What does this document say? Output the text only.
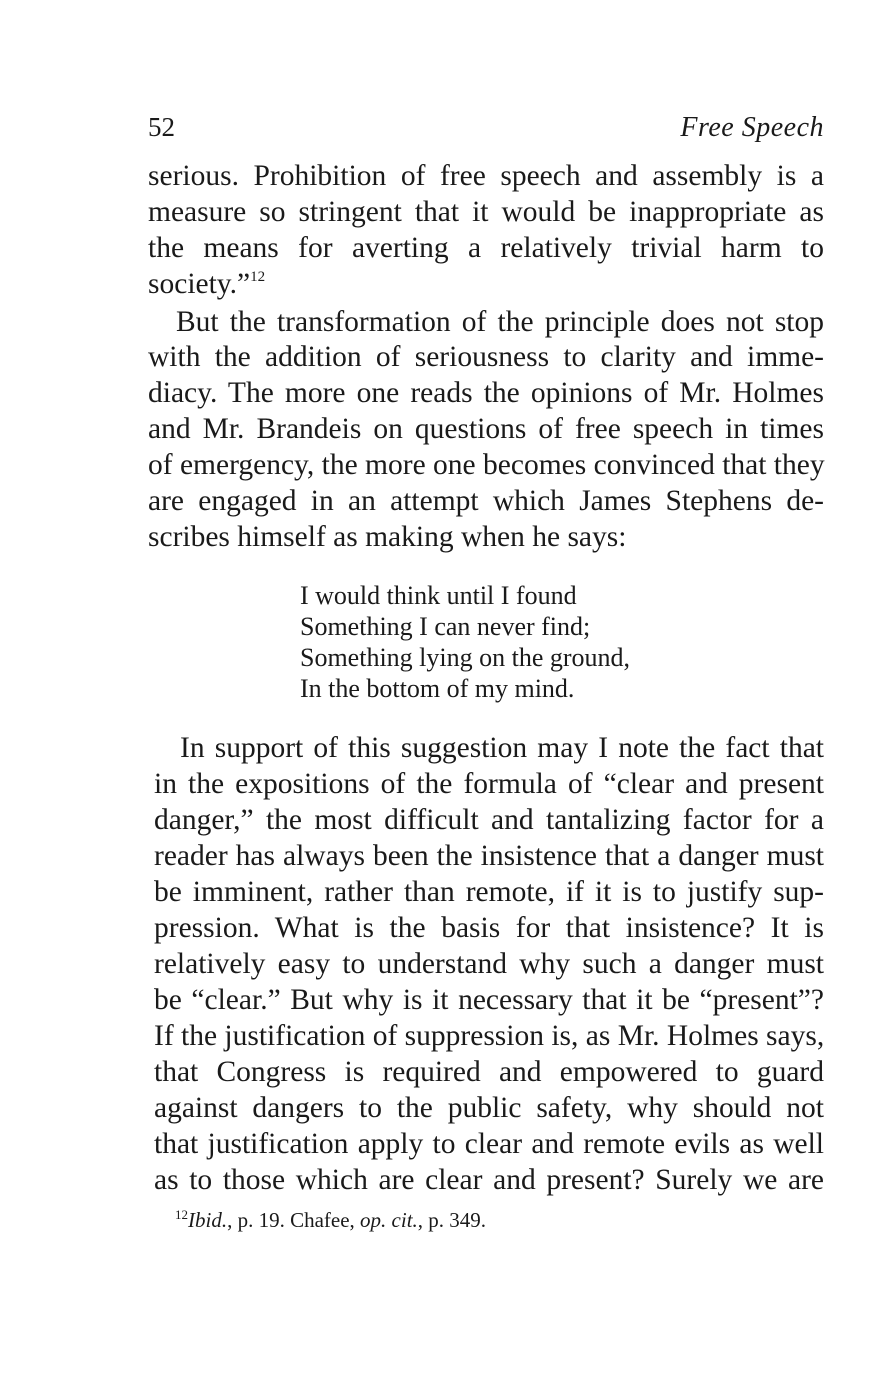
52	Free Speech
serious. Prohibition of free speech and assembly is a
measure so stringent that it would be inappropriate as
the means for averting a relatively trivial harm to
society.”$^{12}$
But the transformation of the principle does not stop
with the addition of seriousness to clarity and imme-
diacy. The more one reads the opinions of Mr. Holmes
and Mr. Brandeis on questions of free speech in times
of emergency, the more one becomes convinced that they
are engaged in an attempt which James Stephens de-
scribes himself as making when he says:
I would think until I found
Something I can never find;
Something lying on the ground,
In the bottom of my mind.
In support of this suggestion may I note the fact that
in the expositions of the formula of “clear and present
danger,” the most difficult and tantalizing factor for a
reader has always been the insistence that a danger must
be imminent, rather than remote, if it is to justify sup-
pression. What is the basis for that insistence? It is
relatively easy to understand why such a danger must
be “clear.” But why is it necessary that it be “present”?
If the justification of suppression is, as Mr. Holmes says,
that Congress is required and empowered to guard
against dangers to the public safety, why should not
that justification apply to clear and remote evils as well
as to those which are clear and present? Surely we are
$^{12}$Ibid., p. 19. Chafee, op. cit., p. 349.
